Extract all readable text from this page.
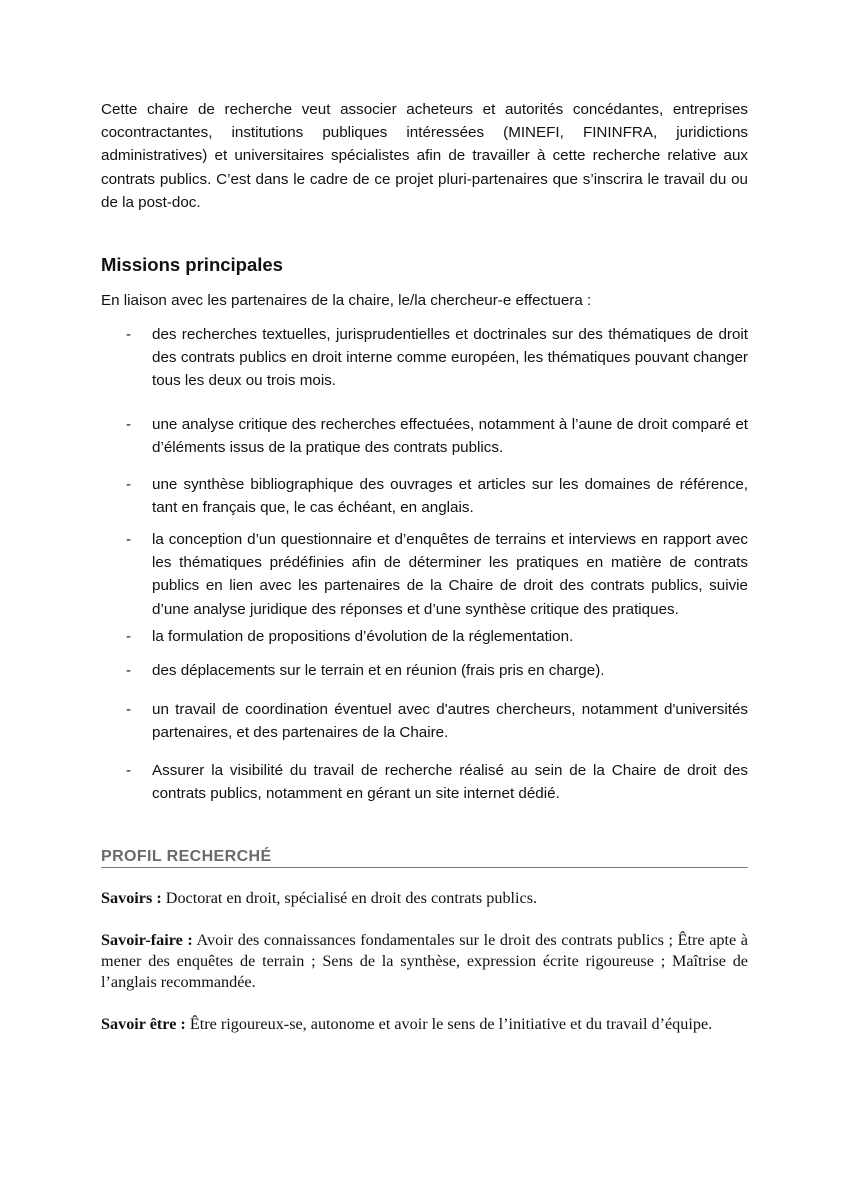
Cette chaire de recherche veut associer acheteurs et autorités concédantes, entreprises cocontractantes, institutions publiques intéressées (MINEFI, FININFRA, juridictions administratives) et universitaires spécialistes afin de travailler à cette recherche relative aux contrats publics. C’est dans le cadre de ce projet pluri-partenaires que s’inscrira le travail du ou de la post-doc.

Missions principales

En liaison avec les partenaires de la chaire, le/la chercheur-e effectuera :

-	des recherches textuelles, jurisprudentielles et doctrinales sur des thématiques de droit des contrats publics en droit interne comme européen, les thématiques pouvant changer tous les deux ou trois mois.
-	une analyse critique des recherches effectuées, notamment à l’aune de droit comparé et d’éléments issus de la pratique des contrats publics.
-	une synthèse bibliographique des ouvrages et articles sur les domaines de référence, tant en français que, le cas échéant, en anglais.
-	la conception d’un questionnaire et d’enquêtes de terrains et interviews en rapport avec les thématiques prédéfinies afin de déterminer les pratiques en matière de contrats publics en lien avec les partenaires de la Chaire de droit des contrats publics, suivie d’une analyse juridique des réponses et d’une synthèse critique des pratiques.
-	la formulation de propositions d’évolution de la réglementation.
-	des déplacements sur le terrain et en réunion (frais pris en charge).
-	un travail de coordination éventuel avec d'autres chercheurs, notamment d'universités partenaires, et des partenaires de la Chaire.
-	Assurer la visibilité du travail de recherche réalisé au sein de la Chaire de droit des contrats publics, notamment en gérant un site internet dédié.
PROFIL RECHERCHÉ

Savoirs : Doctorat en droit, spécialisé en droit des contrats publics.

Savoir-faire : Avoir des connaissances fondamentales sur le droit des contrats publics ; Être apte à mener des enquêtes de terrain ; Sens de la synthèse, expression écrite rigoureuse ; Maîtrise de l’anglais recommandée.

Savoir être : Être rigoureux-se, autonome et avoir le sens de l’initiative et du travail d’équipe.
